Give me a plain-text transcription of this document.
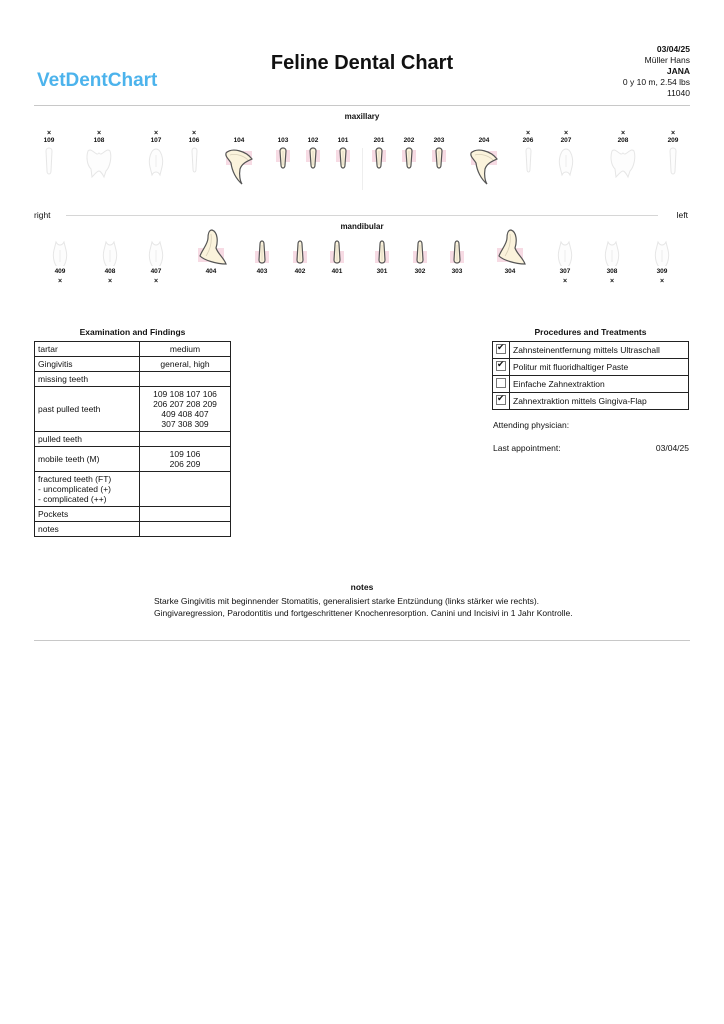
VetDentChart
Feline Dental Chart
03/04/25
Müller Hans
JANA
0 y 10 m, 2.54 lbs
11040
maxillary
×
109
×
108
×
107
×
106
	104
	103
	102
	101
	201
	202
	203
	204
×
206
×
207
×
208
×
209
right	left
mandibular
409
×
408
×
407
×
404
	403
	402
	401
	301
	302
	303
	304
	307
×
308
×
309
×
Examination and Findings
tartar	medium
Gingivitis	general, high
missing teeth	
past pulled teeth	109 108 107 106
206 207 208 209
409 408 407
307 308 309
pulled teeth	
mobile teeth (M)	109 106
206 209
fractured teeth (FT)
- uncomplicated (+)
- complicated (++)	
Pockets	
notes	
Procedures and Treatments
✔	Zahnsteinentfernung mittels Ultraschall
✔	Politur mit fluoridhaltiger Paste
	Einfache Zahnextraktion
✔	Zahnextraktion mittels Gingiva-Flap
Attending physician:
Last appointment:	03/04/25
notes
Starke Gingivitis mit beginnender Stomatitis, generalisiert starke Entzündung (links stärker wie rechts). Gingivaregression, Parodontitis und fortgeschrittener Knochenresorption. Canini und Incisivi in 1 Jahr Kontrolle.
